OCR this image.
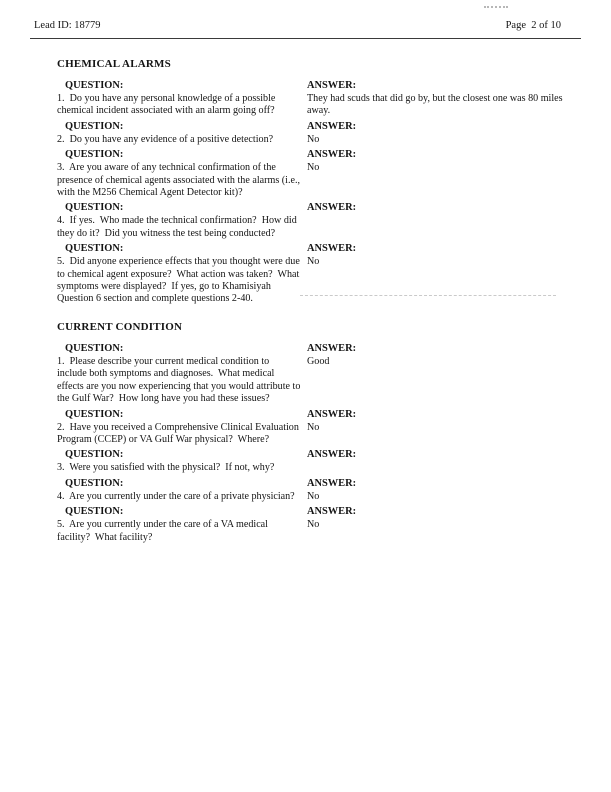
Lead ID: 18779	Page  2 of 10
CHEMICAL ALARMS
QUESTION:	ANSWER:
1.  Do you have any personal knowledge of a possible chemical incident associated with an alarm going off?
They had scuds that did go by, but the closest one was 80 miles away.
QUESTION:	ANSWER:
2.  Do you have any evidence of a positive detection?	No
QUESTION:	ANSWER:
3.  Are you aware of any technical confirmation of the presence of chemical agents associated with the alarms (i.e., with the M256 Chemical Agent Detector kit)?
No
QUESTION:	ANSWER:
4.  If yes.  Who made the technical confirmation?  How did they do it?  Did you witness the test being conducted?
QUESTION:	ANSWER:
5.  Did anyone experience effects that you thought were due to chemical agent exposure?  What action was taken?  What symptoms were displayed?  If yes, go to Khamisiyah Question 6 section and complete questions 2-40.
No
CURRENT CONDITION
QUESTION:	ANSWER:
1.  Please describe your current medical condition to include both symptoms and diagnoses.  What medical effects are you now experiencing that you would attribute to the Gulf War?  How long have you had these issues?
Good
QUESTION:	ANSWER:
2.  Have you received a Comprehensive Clinical Evaluation Program (CCEP) or VA Gulf War physical?  Where?
No
QUESTION:	ANSWER:
3.  Were you satisfied with the physical?  If not, why?
QUESTION:	ANSWER:
4.  Are you currently under the care of a private physician?	No
QUESTION:	ANSWER:
5.  Are you currently under the care of a VA medical facility?  What facility?
No
